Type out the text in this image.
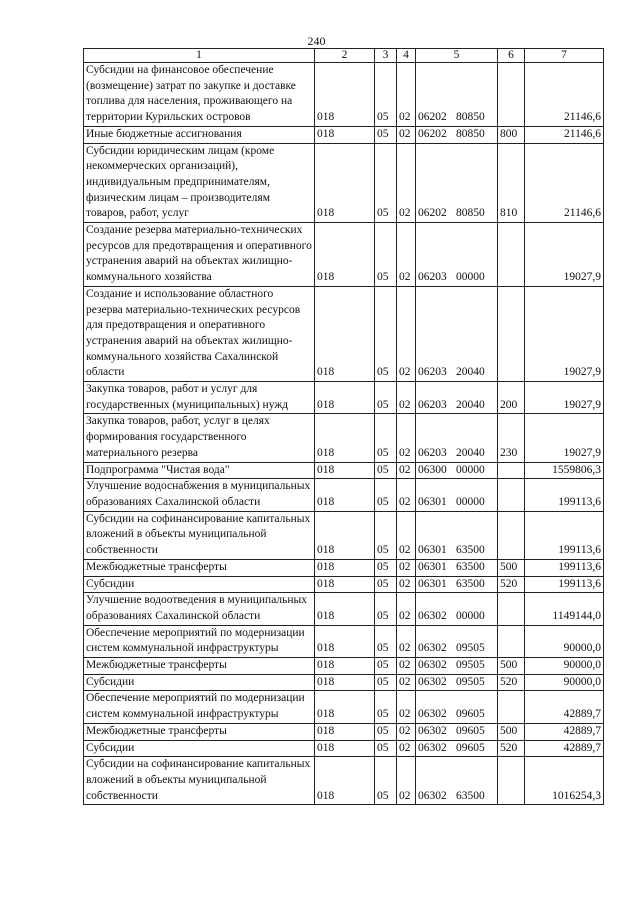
240
1	2	3	4	5	6	7
Субсидии на финансовое обеспечение (возмещение) затрат по закупке и доставке топлива для населения, проживающего на территории Курильских островов	018	05	02	06202 80850		21146,6
Иные бюджетные ассигнования	018	05	02	06202 80850	800	21146,6
Субсидии юридическим лицам (кроме некоммерческих организаций), индивидуальным предпринимателям, физическим лицам – производителям товаров, работ, услуг	018	05	02	06202 80850	810	21146,6
Создание резерва материально-технических ресурсов для предотвращения и оперативного устранения аварий на объектах жилищно-коммунального хозяйства	018	05	02	06203 00000		19027,9
Создание и использование областного резерва материально-технических ресурсов для предотвращения и оперативного устранения аварий на объектах жилищно-коммунального хозяйства Сахалинской области	018	05	02	06203 20040		19027,9
Закупка товаров, работ и услуг для государственных (муниципальных) нужд	018	05	02	06203 20040	200	19027,9
Закупка товаров, работ, услуг в целях формирования государственного материального резерва	018	05	02	06203 20040	230	19027,9
Подпрограмма "Чистая вода"	018	05	02	06300 00000		1559806,3
Улучшение водоснабжения в муниципальных образованиях Сахалинской области	018	05	02	06301 00000		199113,6
Субсидии на софинансирование капитальных вложений в объекты муниципальной собственности	018	05	02	06301 63500		199113,6
Межбюджетные трансферты	018	05	02	06301 63500	500	199113,6
Субсидии	018	05	02	06301 63500	520	199113,6
Улучшение водоотведения в муниципальных образованиях Сахалинской области	018	05	02	06302 00000		1149144,0
Обеспечение мероприятий по модернизации систем коммунальной инфраструктуры	018	05	02	06302 09505		90000,0
Межбюджетные трансферты	018	05	02	06302 09505	500	90000,0
Субсидии	018	05	02	06302 09505	520	90000,0
Обеспечение мероприятий по модернизации систем коммунальной инфраструктуры	018	05	02	06302 09605		42889,7
Межбюджетные трансферты	018	05	02	06302 09605	500	42889,7
Субсидии	018	05	02	06302 09605	520	42889,7
Субсидии на софинансирование капитальных вложений в объекты муниципальной собственности	018	05	02	06302 63500		1016254,3
